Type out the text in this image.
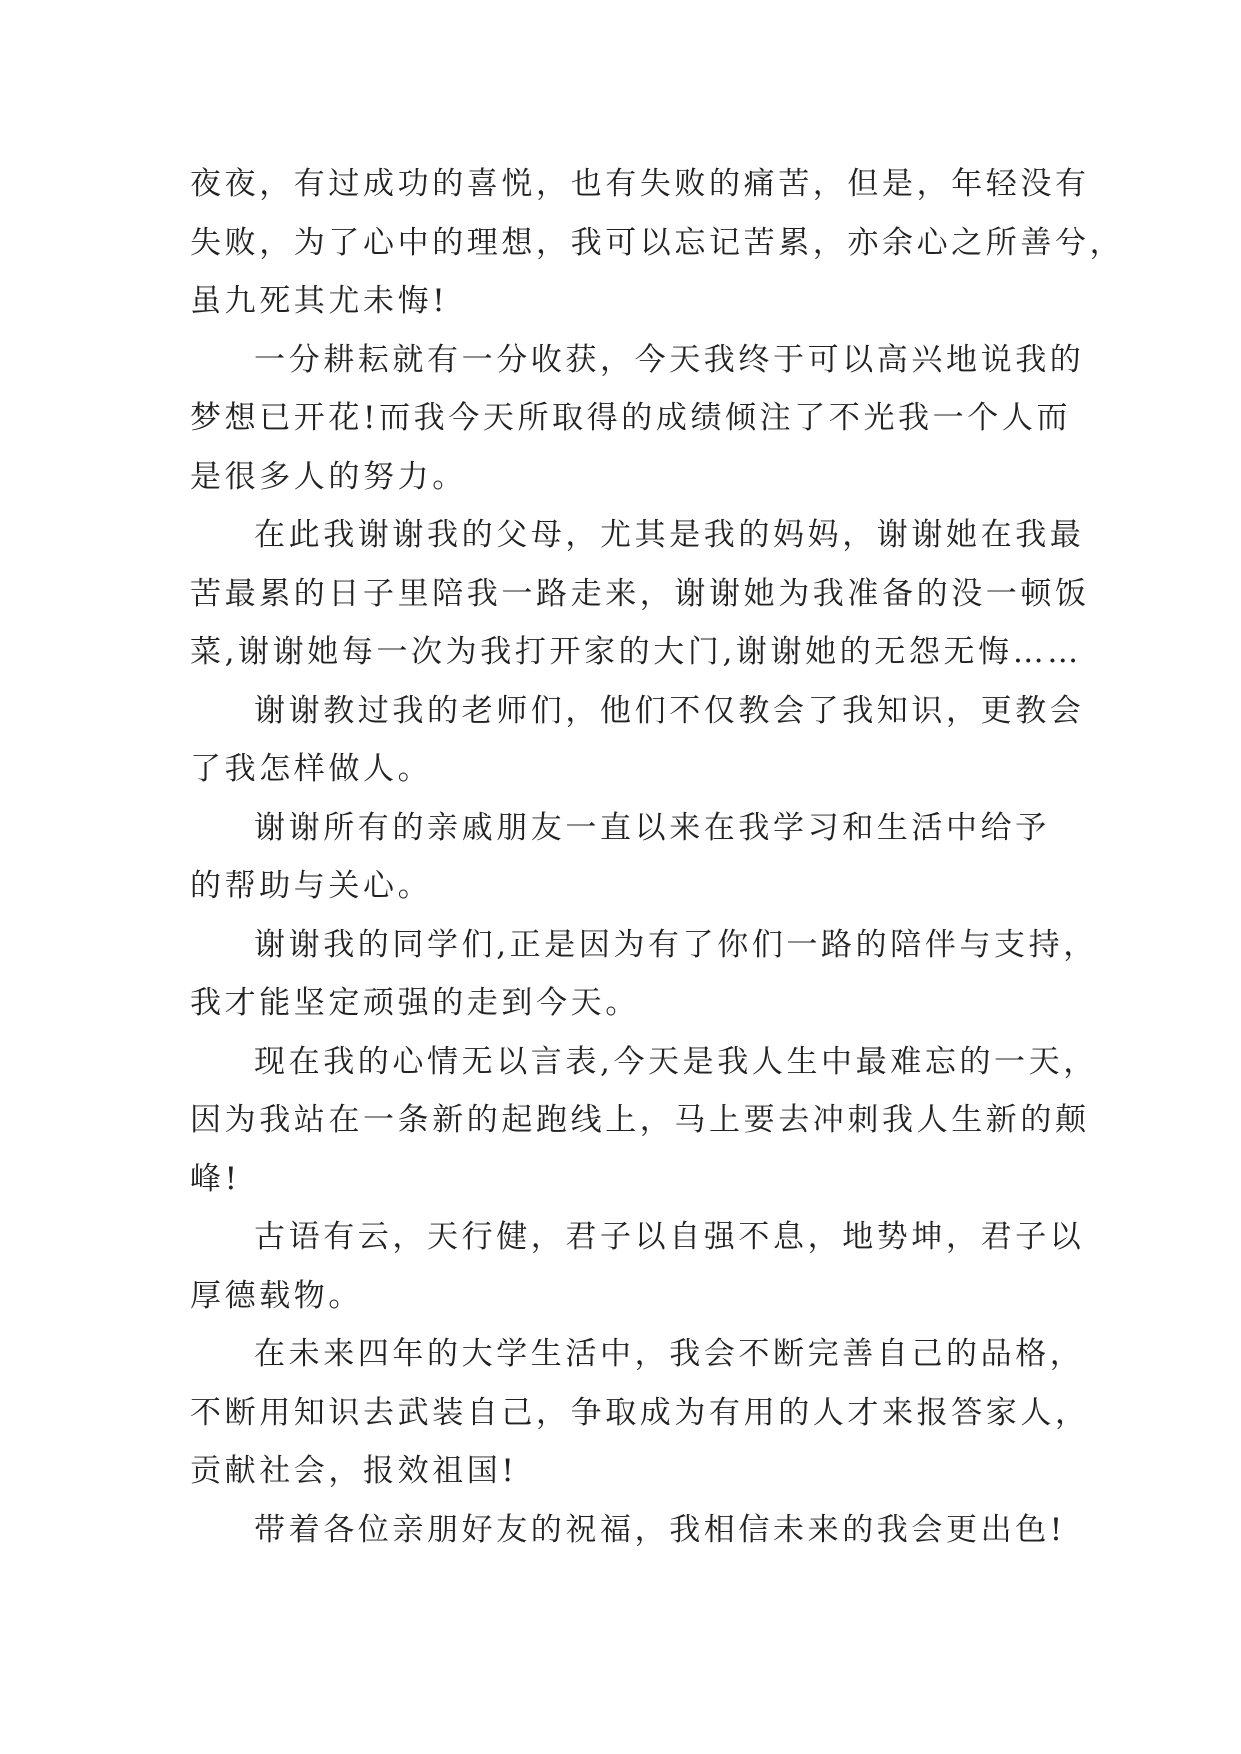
夜夜，有过成功的喜悦，也有失败的痛苦，但是，年轻没有
失败，为了心中的理想，我可以忘记苦累，亦余心之所善兮，
虽九死其尤未悔!

一分耕耘就有一分收获，今天我终于可以高兴地说我的
梦想已开花!而我今天所取得的成绩倾注了不光我一个人而
是很多人的努力。

在此我谢谢我的父母，尤其是我的妈妈，谢谢她在我最
苦最累的日子里陪我一路走来，谢谢她为我准备的没一顿饭
菜,谢谢她每一次为我打开家的大门,谢谢她的无怨无悔……

谢谢教过我的老师们，他们不仅教会了我知识，更教会
了我怎样做人。

谢谢所有的亲戚朋友一直以来在我学习和生活中给予
的帮助与关心。

谢谢我的同学们,正是因为有了你们一路的陪伴与支持，
我才能坚定顽强的走到今天。

现在我的心情无以言表,今天是我人生中最难忘的一天，
因为我站在一条新的起跑线上，马上要去冲刺我人生新的颠
峰!

古语有云，天行健，君子以自强不息，地势坤，君子以
厚德载物。

在未来四年的大学生活中，我会不断完善自己的品格，
不断用知识去武装自己，争取成为有用的人才来报答家人，
贡献社会，报效祖国!

带着各位亲朋好友的祝福，我相信未来的我会更出色!
